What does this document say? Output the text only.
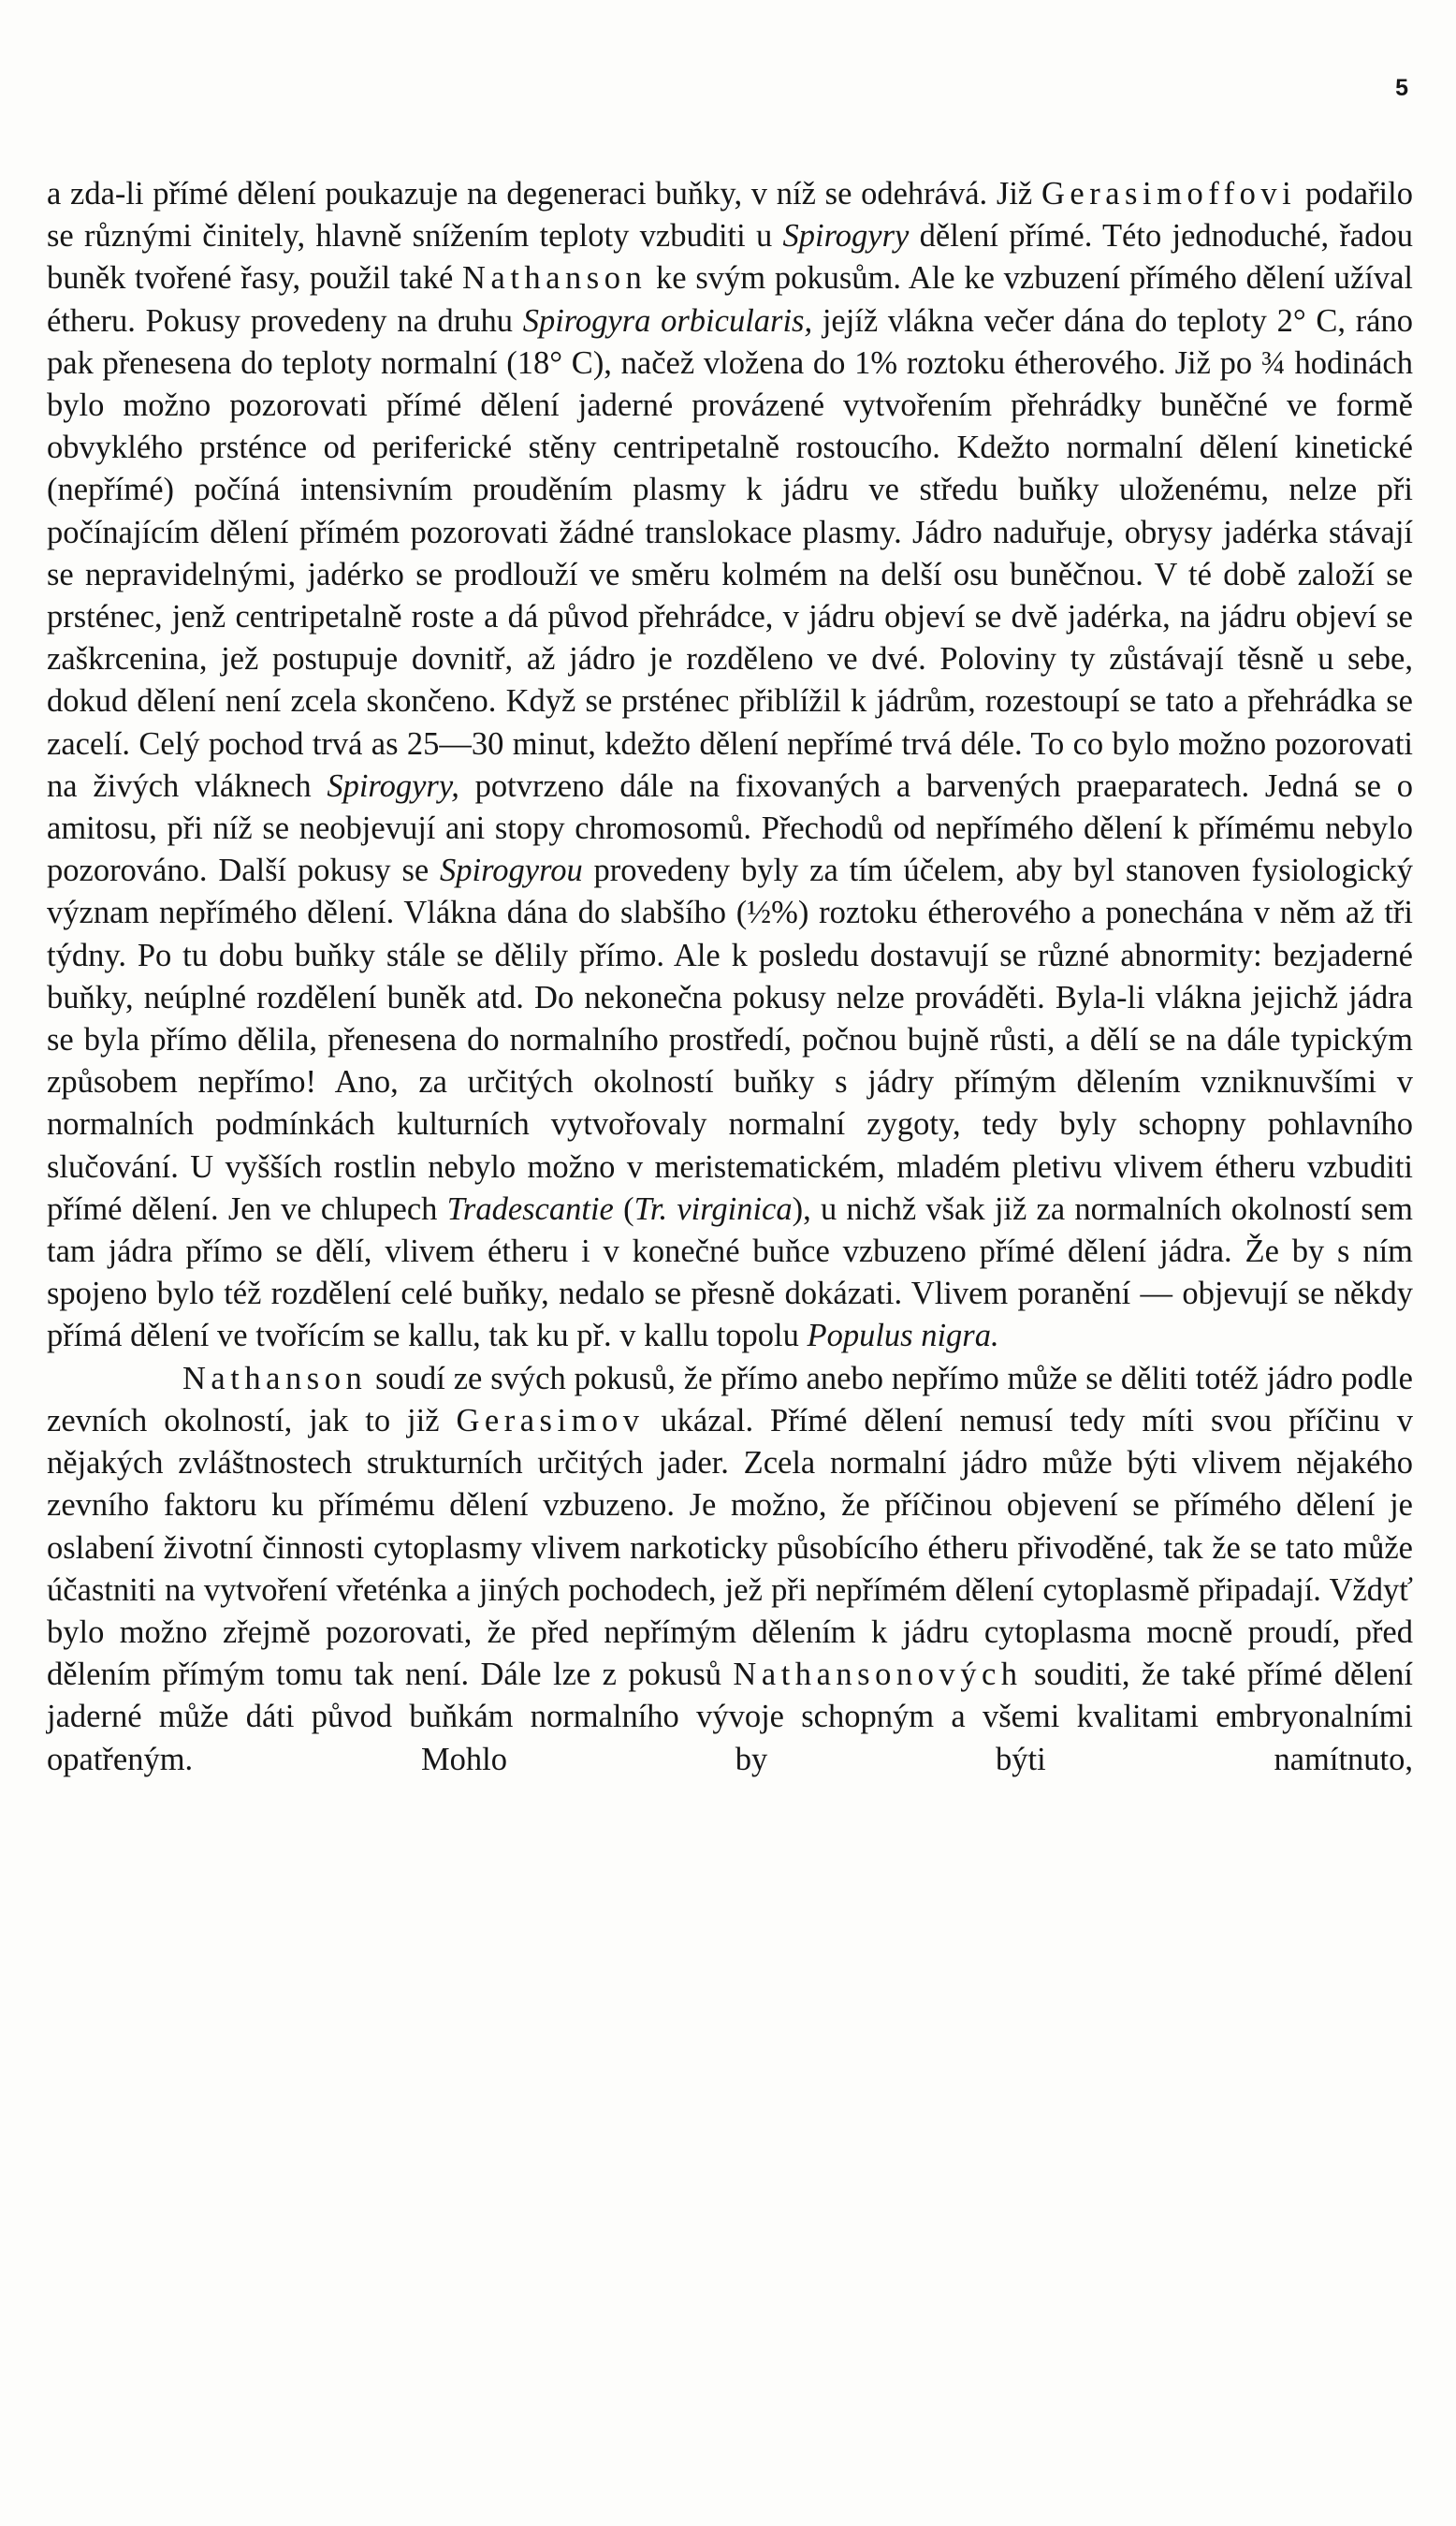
5

a zda-li přímé dělení poukazuje na degeneraci buňky, v níž se odehrává. Již Gerasimoffovi podařilo se různými činitely, hlavně snížením teploty vzbuditi u Spirogyry dělení přímé. Této jednoduché, řadou buněk tvořené řasy, použil také Nathanson ke svým pokusům. Ale ke vzbuzení přímého dělení užíval étheru. Pokusy provedeny na druhu Spirogyra orbicularis, jejíž vlákna večer dána do teploty 2° C, ráno pak přenesena do teploty normalní (18° C), načež vložena do 1% roztoku étherového. Již po ¾ hodinách bylo možno pozorovati přímé dělení jaderné provázené vytvořením přehrádky buněčné ve formě obvyklého prsténce od periferické stěny centripetalně rostoucího. Kdežto normalní dělení kinetické (nepřímé) počíná intensivním prouděním plasmy k jádru ve středu buňky uloženému, nelze při počínajícím dělení přímém pozorovati žádné translokace plasmy. Jádro naduřuje, obrysy jadérka stávají se nepravidelnými, jadérko se prodlouží ve směru kolmém na delší osu buněčnou. V té době založí se prsténec, jenž centripetalně roste a dá původ přehrádce, v jádru objeví se dvě jadérka, na jádru objeví se zaškrcenina, jež postupuje dovnitř, až jádro je rozděleno ve dvé. Poloviny ty zůstávají těsně u sebe, dokud dělení není zcela skončeno. Když se prsténec přiblížil k jádrům, rozestoupí se tato a přehrádka se zacelí. Celý pochod trvá as 25—30 minut, kdežto dělení nepřímé trvá déle. To co bylo možno pozorovati na živých vláknech Spirogyry, potvrzeno dále na fixovaných a barvených praeparatech. Jedná se o amitosu, při níž se neobjevují ani stopy chromosomů. Přechodů od nepřímého dělení k přímému nebylo pozorováno. Další pokusy se Spirogyrou provedeny byly za tím účelem, aby byl stanoven fysiologický význam nepřímého dělení. Vlákna dána do slabšího (½%) roztoku étherového a ponechána v něm až tři týdny. Po tu dobu buňky stále se dělily přímo. Ale k posledu dostavují se různé abnormity: bezjaderné buňky, neúplné rozdělení buněk atd. Do nekonečna pokusy nelze prováděti. Byla-li vlákna jejichž jádra se byla přímo dělila, přenesena do normalního prostředí, počnou bujně růsti, a dělí se na dále typickým způsobem nepřímo! Ano, za určitých okolností buňky s jádry přímým dělením vzniknuvšími v normalních podmínkách kulturních vytvořovaly normalní zygoty, tedy byly schopny pohlavního slučování. U vyšších rostlin nebylo možno v meristematickém, mladém pletivu vlivem étheru vzbuditi přímé dělení. Jen ve chlupech Tradescantie (Tr. virginica), u nichž však již za normalních okolností sem tam jádra přímo se dělí, vlivem étheru i v konečné buňce vzbuzeno přímé dělení jádra. Že by s ním spojeno bylo též rozdělení celé buňky, nedalo se přesně dokázati. Vlivem poranění — objevují se někdy přímá dělení ve tvořícím se kallu, tak ku př. v kallu topolu Populus nigra.

Nathanson soudí ze svých pokusů, že přímo anebo nepřímo může se děliti totéž jádro podle zevních okolností, jak to již Gerasimov ukázal. Přímé dělení nemusí tedy míti svou příčinu v nějakých zvláštnostech strukturních určitých jader. Zcela normalní jádro může býti vlivem nějakého zevního faktoru ku přímému dělení vzbuzeno. Je možno, že příčinou objevení se přímého dělení je oslabení životní činnosti cytoplasmy vlivem narkoticky působícího étheru přivoděné, tak že se tato může účastniti na vytvoření vřeténka a jiných pochodech, jež při nepřímém dělení cytoplasmě připadají. Vždyť bylo možno zřejmě pozorovati, že před nepřímým dělením k jádru cytoplasma mocně proudí, před dělením přímým tomu tak není. Dále lze z pokusů Nathansonových souditi, že také přímé dělení jaderné může dáti původ buňkám normalního vývoje schopným a všemi kvalitami embryonalními opatřeným. Mohlo by býti namítnuto,
